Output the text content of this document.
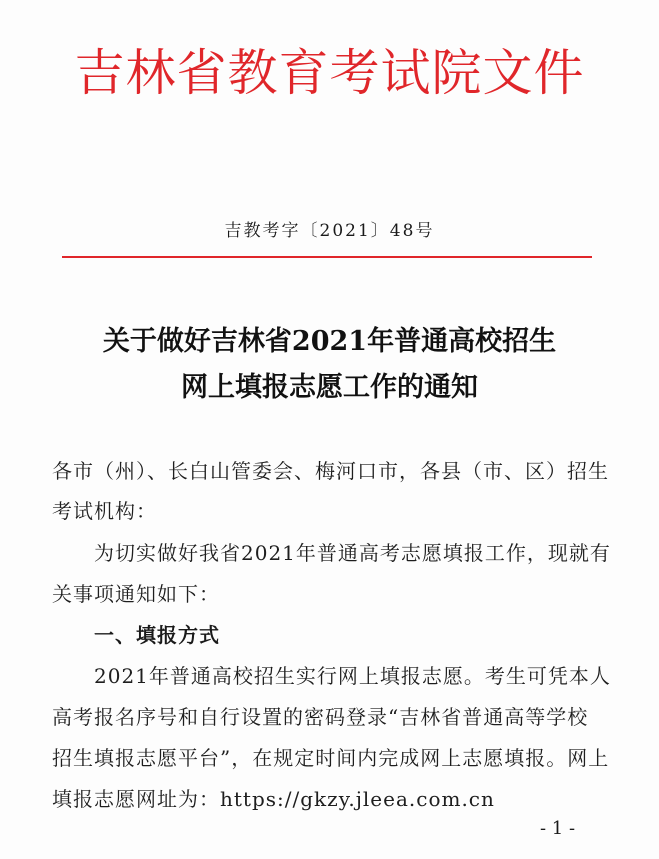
吉林省教育考试院文件
吉教考字〔2021〕48号
关于做好吉林省2021年普通高校招生
网上填报志愿工作的通知
各市（州）、长白山管委会、梅河口市，各县（市、区）招生
考试机构：
为切实做好我省2021年普通高考志愿填报工作，现就有
关事项通知如下：
一、填报方式
2021年普通高校招生实行网上填报志愿。考生可凭本人
高考报名序号和自行设置的密码登录“吉林省普通高等学校
招生填报志愿平台”，在规定时间内完成网上志愿填报。网上
填报志愿网址为：https://gkzy.jleea.com.cn
- 1 -
